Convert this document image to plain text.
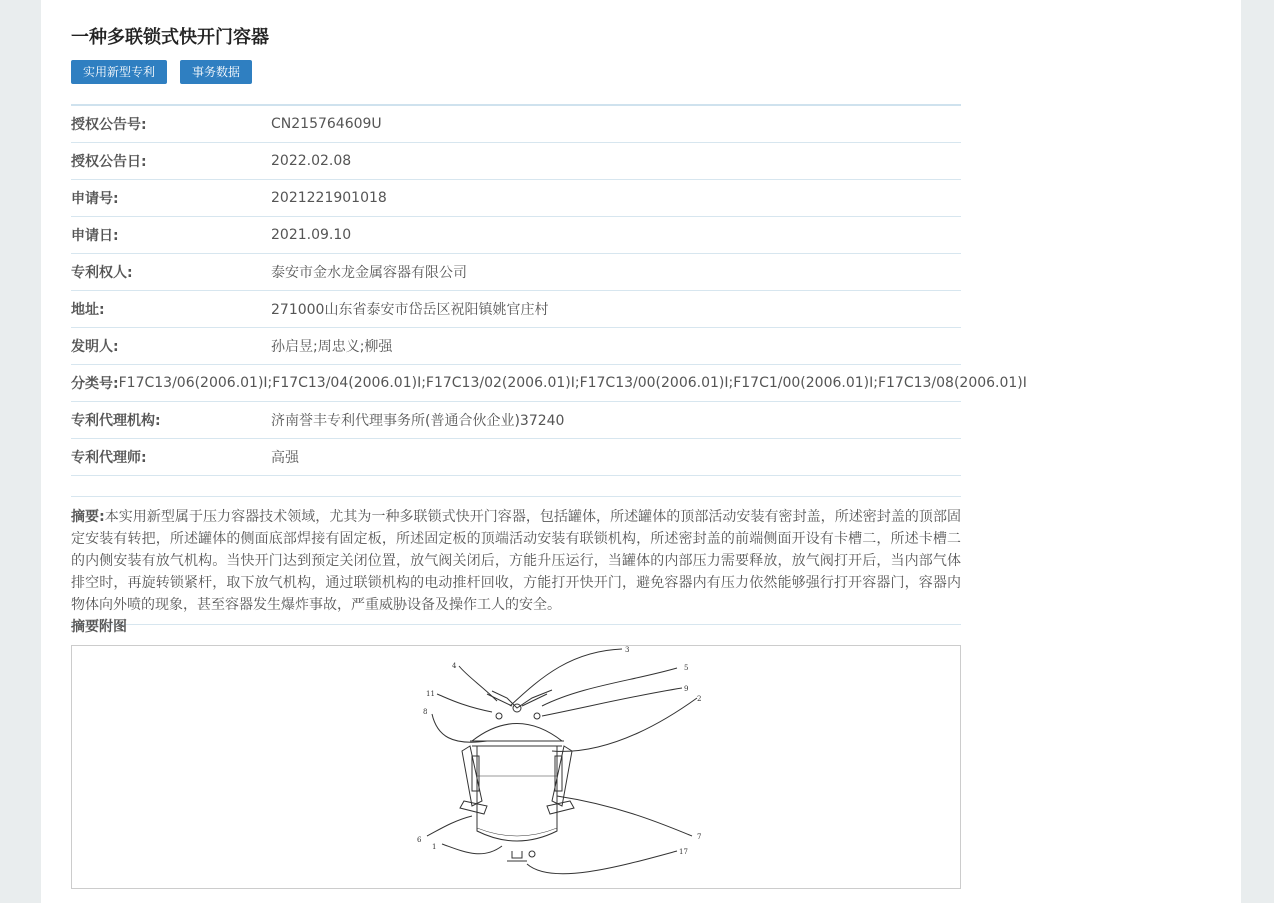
一种多联锁式快开门容器
实用新型专利	事务数据
授权公告号:	CN215764609U
授权公告日:	2022.02.08
申请号:	2021221901018
申请日:	2021.09.10
专利权人:	泰安市金水龙金属容器有限公司
地址:	271000山东省泰安市岱岳区祝阳镇姚官庄村
发明人:	孙启昱;周忠义;柳强
分类号: F17C13/06(2006.01)I;F17C13/04(2006.01)I;F17C13/02(2006.01)I;F17C13/00(2006.01)I;F17C1/00(2006.01)I;F17C13/08(2006.01)I
专利代理机构:	济南誉丰专利代理事务所(普通合伙企业)37240
专利代理师:	高强
摘要:本实用新型属于压力容器技术领域，尤其为一种多联锁式快开门容器，包括罐体，所述罐体的顶部活动安装有密封盖，所述密封盖的顶部固定安装有转把，所述罐体的侧面底部焊接有固定板，所述固定板的顶端活动安装有联锁机构，所述密封盖的前端侧面开设有卡槽二，所述卡槽二的内侧安装有放气机构。当快开门达到预定关闭位置，放气阀关闭后，方能升压运行，当罐体的内部压力需要释放，放气阀打开后，当内部气体排空时，再旋转锁紧杆，取下放气机构，通过联锁机构的电动推杆回收，方能打开快开门，避免容器内有压力依然能够强行打开容器门，容器内物体向外喷的现象，甚至容器发生爆炸事故，严重威胁设备及操作工人的安全。
摘要附图
3
4	5
11
9
8
2
6	7
1
17
